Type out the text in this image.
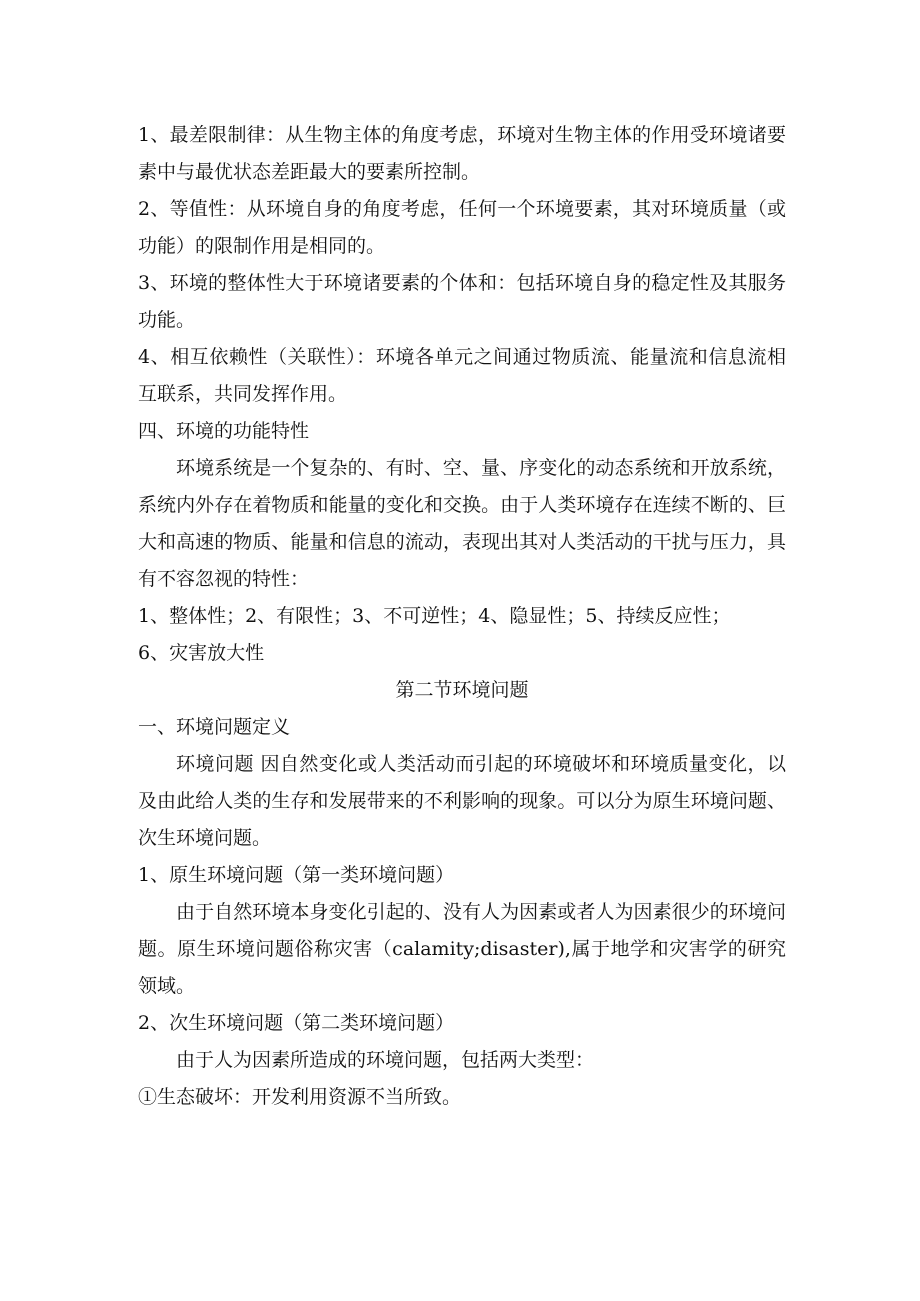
1、最差限制律：从生物主体的角度考虑，环境对生物主体的作用受环境诸要素中与最优状态差距最大的要素所控制。

2、等值性：从环境自身的角度考虑，任何一个环境要素，其对环境质量（或功能）的限制作用是相同的。

3、环境的整体性大于环境诸要素的个体和：包括环境自身的稳定性及其服务功能。

4、相互依赖性（关联性）：环境各单元之间通过物质流、能量流和信息流相互联系，共同发挥作用。

四、环境的功能特性

环境系统是一个复杂的、有时、空、量、序变化的动态系统和开放系统，系统内外存在着物质和能量的变化和交换。由于人类环境存在连续不断的、巨大和高速的物质、能量和信息的流动，表现出其对人类活动的干扰与压力，具有不容忽视的特性：

1、整体性；2、有限性；3、不可逆性；4、隐显性；5、持续反应性；

6、灾害放大性

第二节环境问题

一、环境问题定义

环境问题 因自然变化或人类活动而引起的环境破坏和环境质量变化，以及由此给人类的生存和发展带来的不利影响的现象。可以分为原生环境问题、次生环境问题。

1、原生环境问题（第一类环境问题）

由于自然环境本身变化引起的、没有人为因素或者人为因素很少的环境问题。原生环境问题俗称灾害（calamity;disaster),属于地学和灾害学的研究领域。

2、次生环境问题（第二类环境问题）

由于人为因素所造成的环境问题，包括两大类型：

①生态破坏：开发利用资源不当所致。
